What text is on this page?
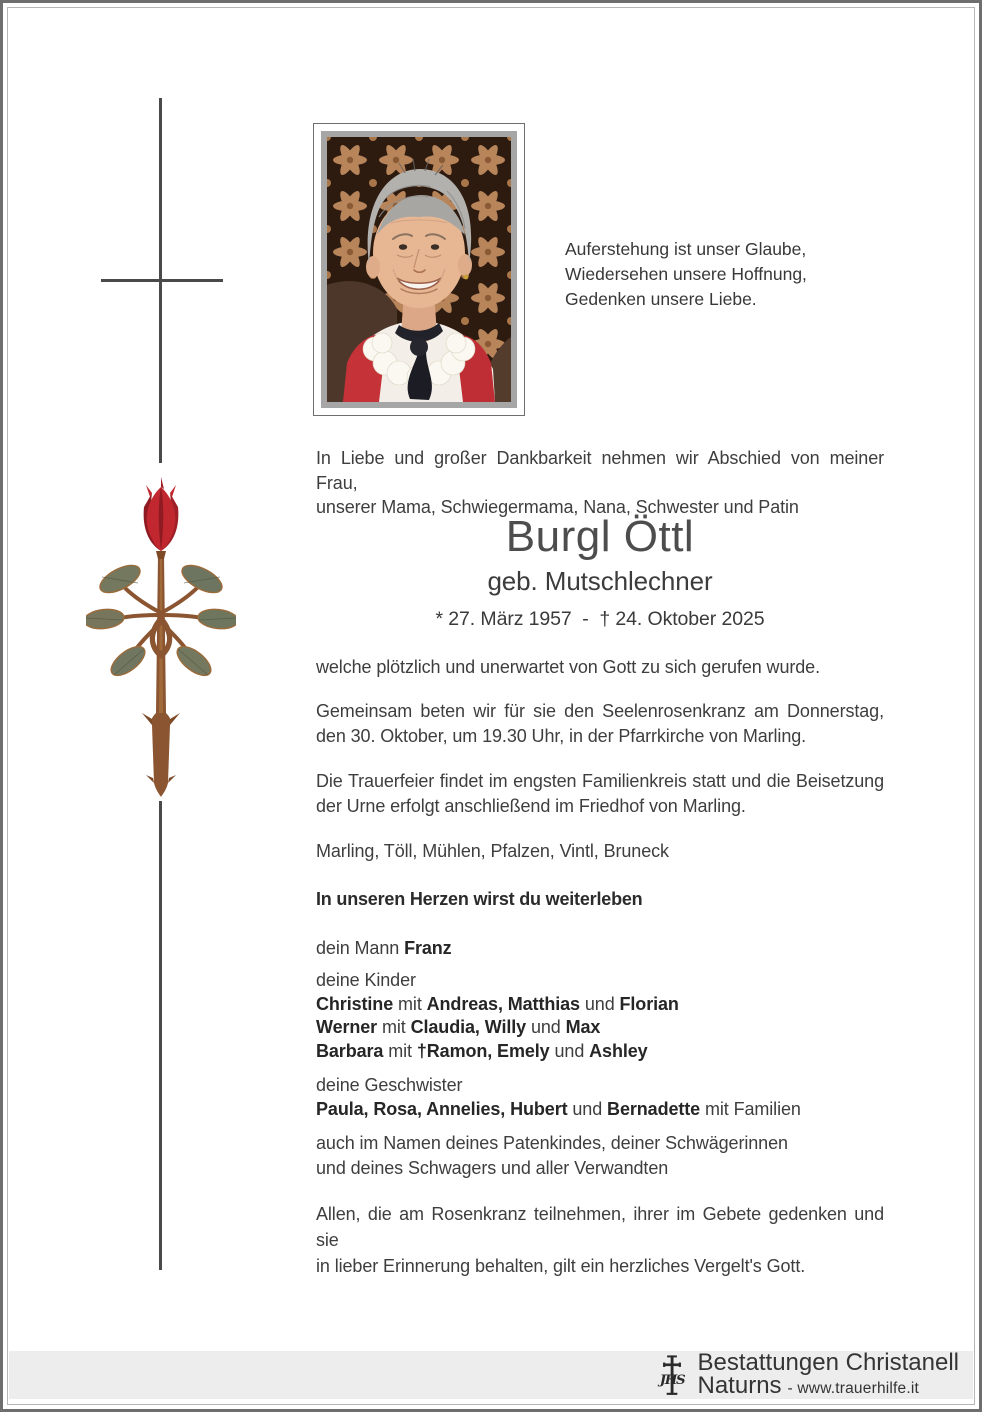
Auferstehung ist unser Glaube,
Wiedersehen unsere Hoffnung,
Gedenken unsere Liebe.
In Liebe und großer Dankbarkeit nehmen wir Abschied von meiner Frau,
unserer Mama, Schwiegermama, Nana, Schwester und Patin
Burgl Öttl
geb. Mutschlechner
* 27. März 1957  -  † 24. Oktober 2025
welche plötzlich und unerwartet von Gott zu sich gerufen wurde.
Gemeinsam beten wir für sie den Seelenrosenkranz am Donnerstag,
den 30. Oktober, um 19.30 Uhr, in der Pfarrkirche von Marling.
Die Trauerfeier findet im engsten Familienkreis statt und die Beisetzung
der Urne erfolgt anschließend im Friedhof von Marling.
Marling, Töll, Mühlen, Pfalzen, Vintl, Bruneck
In unseren Herzen wirst du weiterleben
dein Mann Franz
deine Kinder
Christine mit Andreas, Matthias und Florian
Werner mit Claudia, Willy und Max
Barbara mit †Ramon, Emely und Ashley
deine Geschwister
Paula, Rosa, Annelies, Hubert und Bernadette mit Familien
auch im Namen deines Patenkindes, deiner Schwägerinnen
und deines Schwagers und aller Verwandten
Allen, die am Rosenkranz teilnehmen, ihrer im Gebete gedenken und sie
in lieber Erinnerung behalten, gilt ein herzliches Vergelt's Gott.
JHS
Bestattungen Christanell
Naturns - www.trauerhilfe.it
